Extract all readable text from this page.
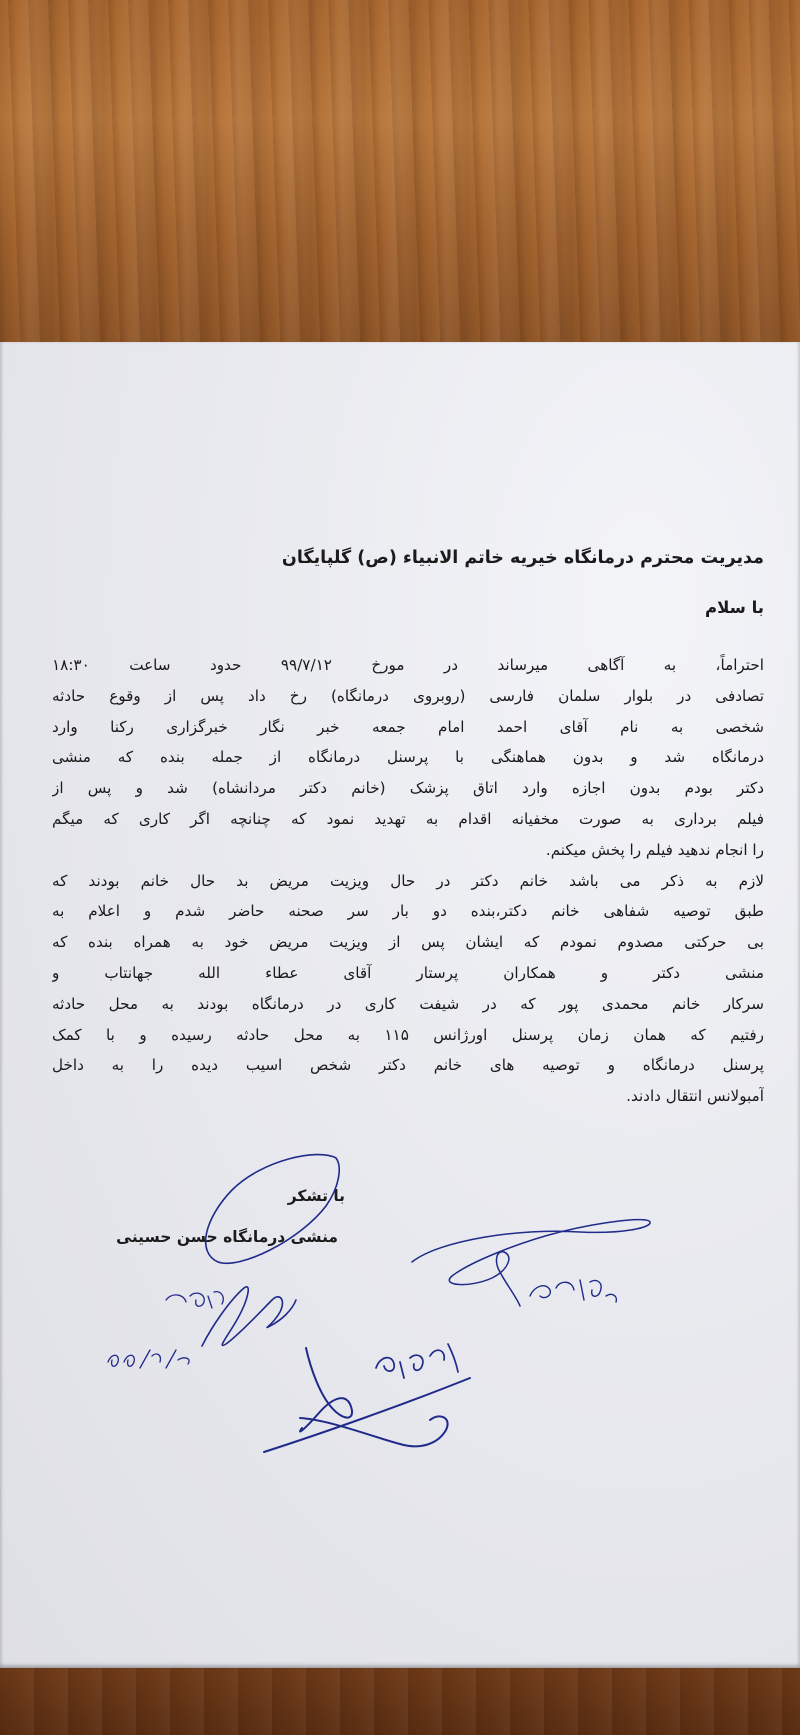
مدیریت محترم درمانگاه خیریه خاتم الانبیاء (ص) گلپایگان
با سلام
احتراماً، به آگاهی میرساند در مورخ ۹۹/۷/۱۲ حدود ساعت ۱۸:۳۰
تصادفی در بلوار سلمان فارسی (روبروی درمانگاه) رخ داد پس از وقوع حادثه
شخصی به نام آقای احمد امام جمعه خبر نگار خبرگزاری رکنا وارد
درمانگاه شد و بدون هماهنگی با پرسنل درمانگاه از جمله بنده که منشی
دکتر بودم بدون اجازه وارد اتاق پزشک (خانم دکتر مردانشاه) شد و پس از
فیلم برداری به صورت مخفیانه اقدام به تهدید نمود که چنانچه اگر کاری که میگم
را انجام ندهید فیلم را پخش میکنم.
لازم به ذکر می باشد خانم دکتر در حال ویزیت مریض بد حال خانم بودند که
طبق توصیه شفاهی خانم دکتر،بنده دو بار سر صحنه حاضر شدم و اعلام به
بی حرکتی مصدوم نمودم که ایشان پس از ویزیت مریض خود به همراه بنده که
منشی دکتر و همکاران پرستار آقای عطاء الله جهانتاب و
سرکار خانم محمدی پور که در شیفت کاری در درمانگاه بودند به محل حادثه
رفتیم که همان زمان پرسنل اورژانس ۱۱۵ به محل حادثه رسیده و با کمک
پرسنل درمانگاه و توصیه های خانم دکتر شخص اسیب دیده را به داخل
آمبولانس انتقال دادند.
با تشکر
منشی درمانگاه حسن حسینی
